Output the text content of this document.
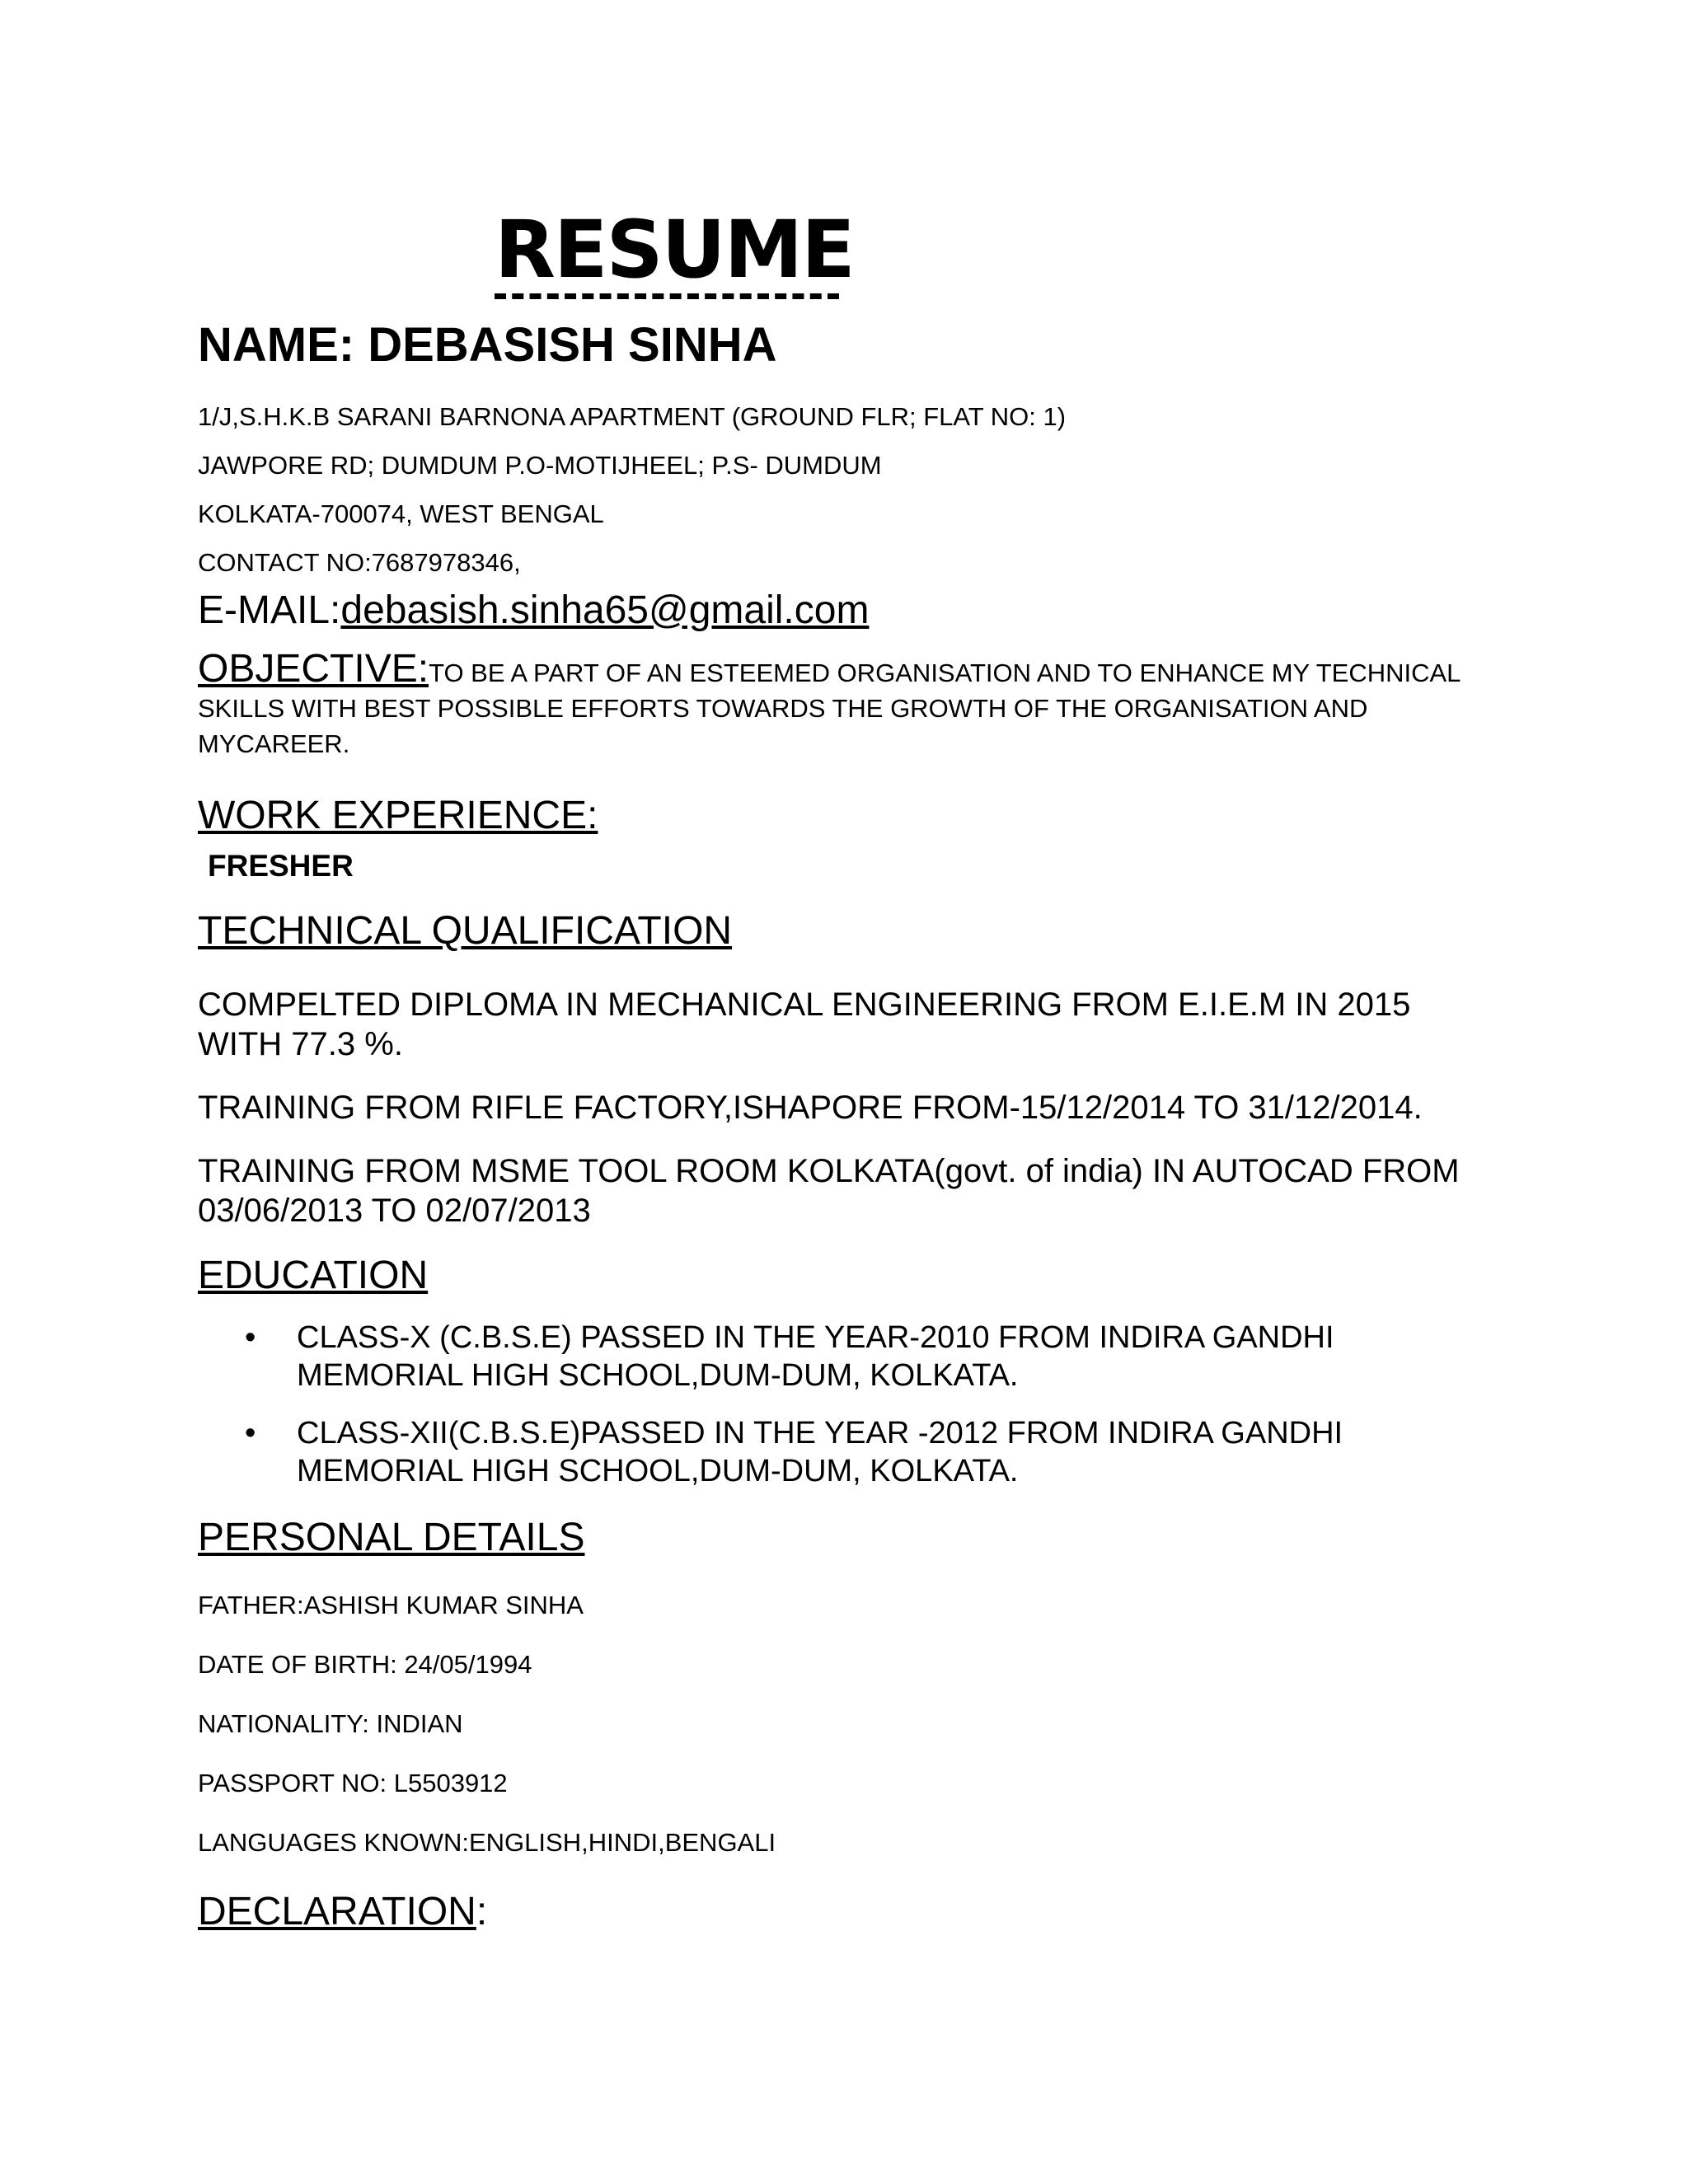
RESUME
NAME: DEBASISH SINHA
1/J,S.H.K.B SARANI BARNONA APARTMENT (GROUND FLR; FLAT NO: 1)
JAWPORE RD; DUMDUM P.O-MOTIJHEEL; P.S- DUMDUM
KOLKATA-700074, WEST BENGAL
CONTACT NO:7687978346,
E-MAIL:debasish.sinha65@gmail.com
OBJECTIVE:TO BE A PART OF AN ESTEEMED ORGANISATION AND TO ENHANCE MY TECHNICAL SKILLS WITH BEST POSSIBLE EFFORTS TOWARDS THE GROWTH OF THE ORGANISATION AND MYCAREER.
WORK EXPERIENCE:
FRESHER
TECHNICAL QUALIFICATION
COMPELTED DIPLOMA IN MECHANICAL ENGINEERING FROM E.I.E.M IN 2015 WITH 77.3 %.
TRAINING FROM RIFLE FACTORY,ISHAPORE FROM-15/12/2014 TO 31/12/2014.
TRAINING FROM MSME TOOL ROOM KOLKATA(govt. of india) IN AUTOCAD FROM 03/06/2013 TO 02/07/2013
EDUCATION
• CLASS-X (C.B.S.E) PASSED IN THE YEAR-2010 FROM INDIRA GANDHI MEMORIAL HIGH SCHOOL,DUM-DUM, KOLKATA.
• CLASS-XII(C.B.S.E)PASSED IN THE YEAR -2012 FROM INDIRA GANDHI MEMORIAL HIGH SCHOOL,DUM-DUM, KOLKATA.
PERSONAL DETAILS
FATHER:ASHISH KUMAR SINHA
DATE OF BIRTH: 24/05/1994
NATIONALITY: INDIAN
PASSPORT NO: L5503912
LANGUAGES KNOWN:ENGLISH,HINDI,BENGALI
DECLARATION:
